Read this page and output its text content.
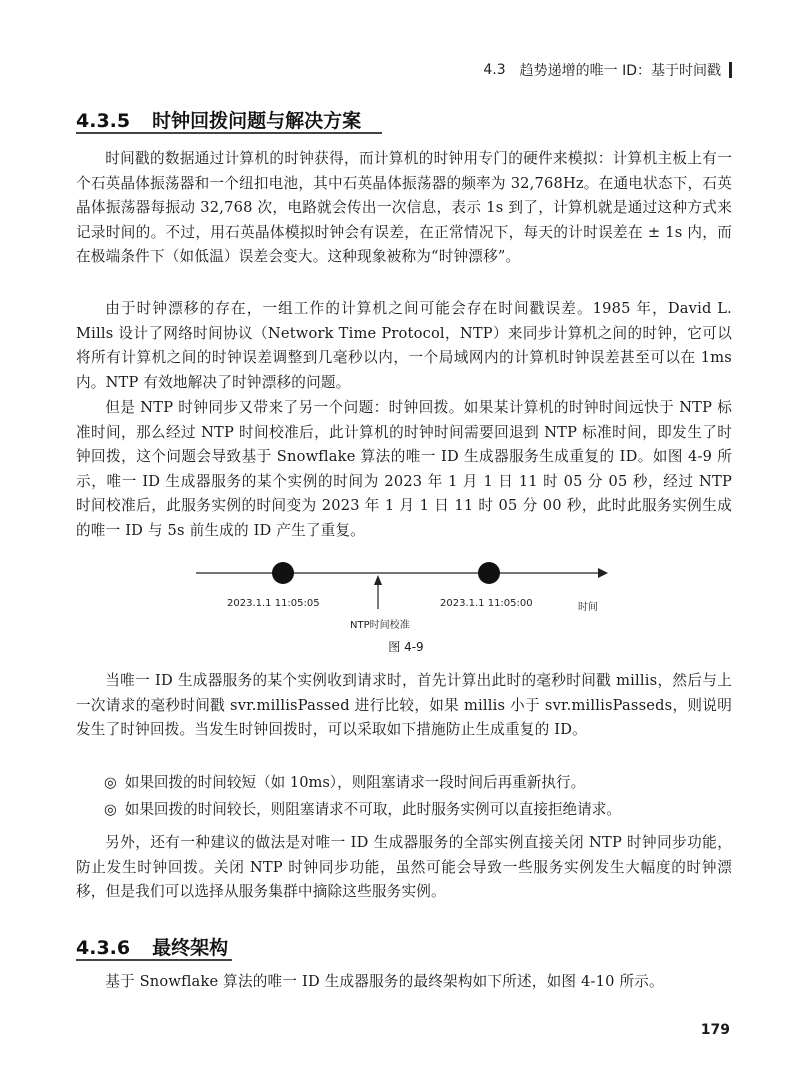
4.3 趋势递增的唯一 ID：基于时间戳
4.3.5 时钟回拨问题与解决方案

时间戳的数据通过计算机的时钟获得，而计算机的时钟用专门的硬件来模拟：计算机主板上有一个石英晶体振荡器和一个纽扣电池，其中石英晶体振荡器的频率为 32,768Hz。在通电状态下，石英晶体振荡器每振动 32,768 次，电路就会传出一次信息，表示 1s 到了，计算机就是通过这种方式来记录时间的。不过，用石英晶体模拟时钟会有误差，在正常情况下，每天的计时误差在 ± 1s 内，而在极端条件下（如低温）误差会变大。这种现象被称为“时钟漂移”。

由于时钟漂移的存在，一组工作的计算机之间可能会存在时间戳误差。1985 年，David L. Mills 设计了网络时间协议（Network Time Protocol，NTP）来同步计算机之间的时钟，它可以将所有计算机之间的时钟误差调整到几毫秒以内，一个局域网内的计算机时钟误差甚至可以在 1ms 内。NTP 有效地解决了时钟漂移的问题。

但是 NTP 时钟同步又带来了另一个问题：时钟回拨。如果某计算机的时钟时间远快于 NTP 标准时间，那么经过 NTP 时间校准后，此计算机的时钟时间需要回退到 NTP 标准时间，即发生了时钟回拨，这个问题会导致基于 Snowflake 算法的唯一 ID 生成器服务生成重复的 ID。如图 4-9 所示，唯一 ID 生成器服务的某个实例的时间为 2023 年 1 月 1 日 11 时 05 分 05 秒，经过 NTP 时间校准后，此服务实例的时间变为 2023 年 1 月 1 日 11 时 05 分 00 秒，此时此服务实例生成的唯一 ID 与 5s 前生成的 ID 产生了重复。

2023.1.1 11:05:05	2023.1.1 11:05:00	时间
NTP时间校准
图 4-9

当唯一 ID 生成器服务的某个实例收到请求时，首先计算出此时的毫秒时间戳 millis，然后与上一次请求的毫秒时间戳 svr.millisPassed 进行比较，如果 millis 小于 svr.millisPasseds，则说明发生了时钟回拨。当发生时钟回拨时，可以采取如下措施防止生成重复的 ID。

◎ 如果回拨的时间较短（如 10ms），则阻塞请求一段时间后再重新执行。
◎ 如果回拨的时间较长，则阻塞请求不可取，此时服务实例可以直接拒绝请求。

另外，还有一种建议的做法是对唯一 ID 生成器服务的全部实例直接关闭 NTP 时钟同步功能，防止发生时钟回拨。关闭 NTP 时钟同步功能，虽然可能会导致一些服务实例发生大幅度的时钟漂移，但是我们可以选择从服务集群中摘除这些服务实例。

4.3.6 最终架构

基于 Snowflake 算法的唯一 ID 生成器服务的最终架构如下所述，如图 4-10 所示。

179
